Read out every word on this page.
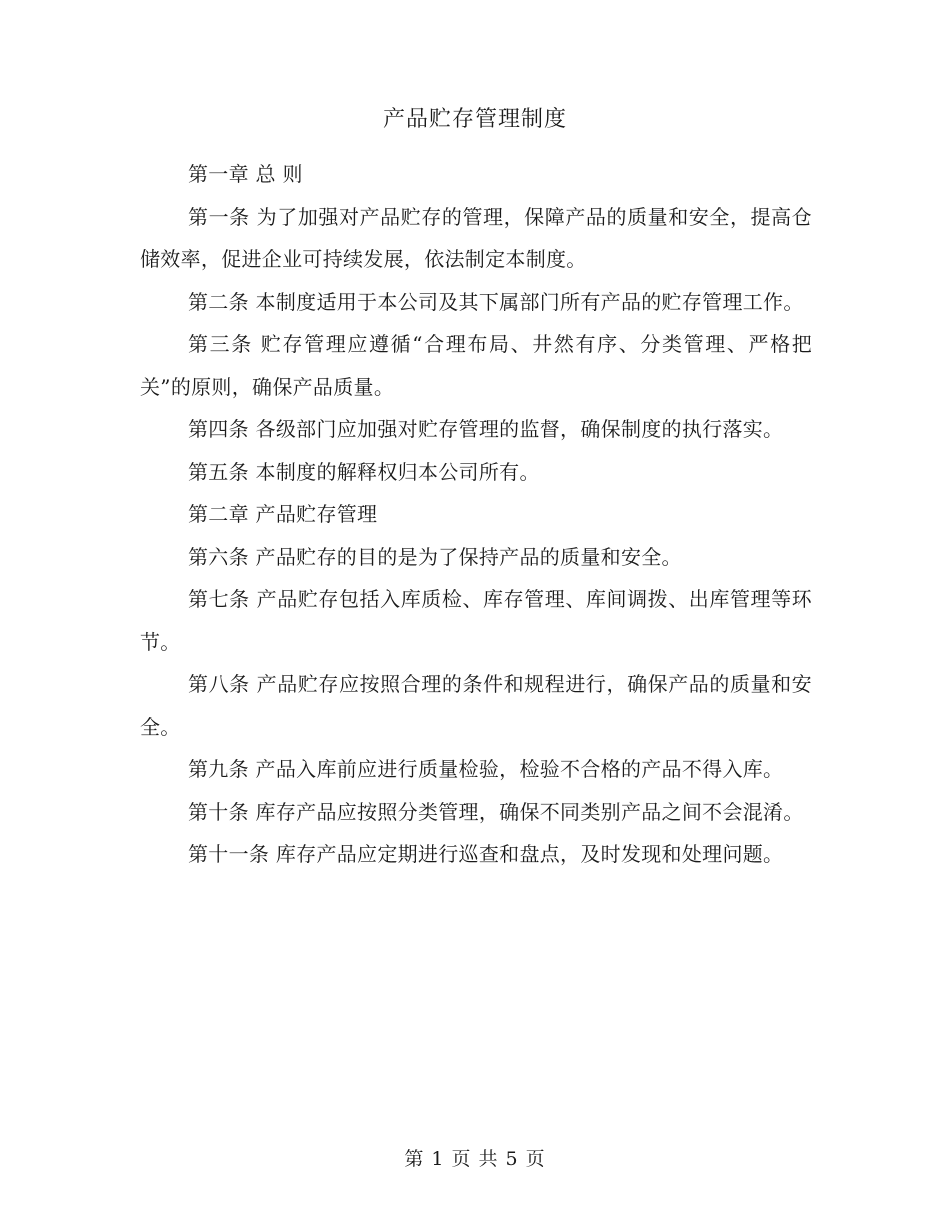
产品贮存管理制度

第一章 总 则

第一条 为了加强对产品贮存的管理，保障产品的质量和安全，提高仓储效率，促进企业可持续发展，依法制定本制度。

第二条 本制度适用于本公司及其下属部门所有产品的贮存管理工作。

第三条 贮存管理应遵循“合理布局、井然有序、分类管理、严格把关”的原则，确保产品质量。

第四条 各级部门应加强对贮存管理的监督，确保制度的执行落实。

第五条 本制度的解释权归本公司所有。

第二章 产品贮存管理

第六条 产品贮存的目的是为了保持产品的质量和安全。

第七条 产品贮存包括入库质检、库存管理、库间调拨、出库管理等环节。

第八条 产品贮存应按照合理的条件和规程进行，确保产品的质量和安全。

第九条 产品入库前应进行质量检验，检验不合格的产品不得入库。

第十条 库存产品应按照分类管理，确保不同类别产品之间不会混淆。

第十一条 库存产品应定期进行巡查和盘点，及时发现和处理问题。

第 1 页 共 5 页
